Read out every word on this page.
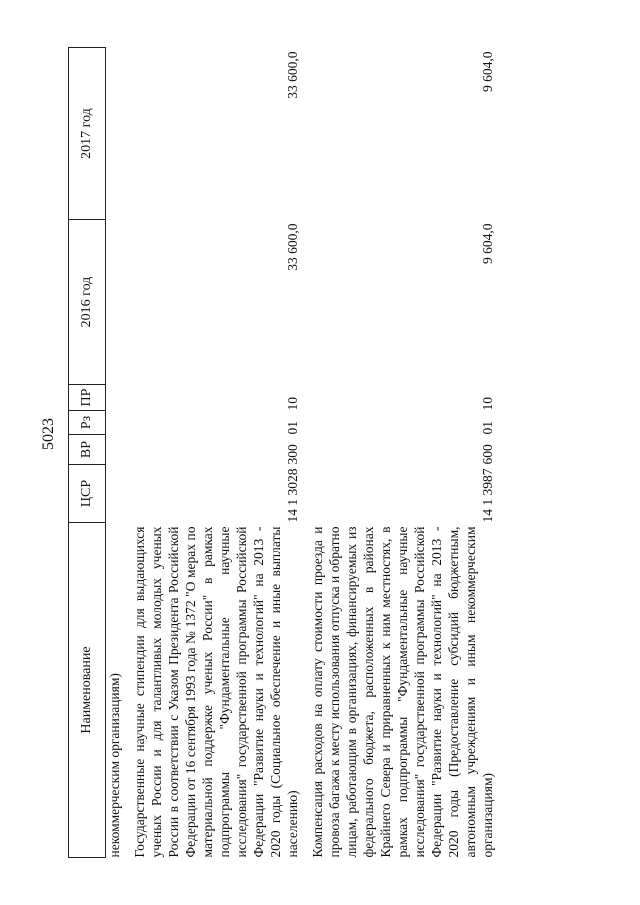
5023
Наименование	ЦСР	ВР	Рз	ПР	2016 год	2017 год
некоммерческим организациям)						
Государственные научные стипендии для выдающихся ученых России и для талантливых молодых ученых России в соответствии с Указом Президента Российской Федерации от 16 сентября 1993 года № 1372 "О мерах по материальной поддержке ученых России" в рамках подпрограммы "Фундаментальные научные исследования" государственной программы Российской Федерации "Развитие науки и технологий" на 2013 - 2020 годы (Социальное обеспечение и иные выплаты населению)	14 1 3028	300	01	10	33 600,0	33 600,0
Компенсация расходов на оплату стоимости проезда и провоза багажа к месту использования отпуска и обратно лицам, работающим в организациях, финансируемых из федерального бюджета, расположенных в районах Крайнего Севера и приравненных к ним местностях, в рамках подпрограммы "Фундаментальные научные исследования" государственной программы Российской Федерации "Развитие науки и технологий" на 2013 - 2020 годы (Предоставление субсидий бюджетным, автономным учреждениям и иным некоммерческим организациям)	14 1 3987	600	01	10	9 604,0	9 604,0
